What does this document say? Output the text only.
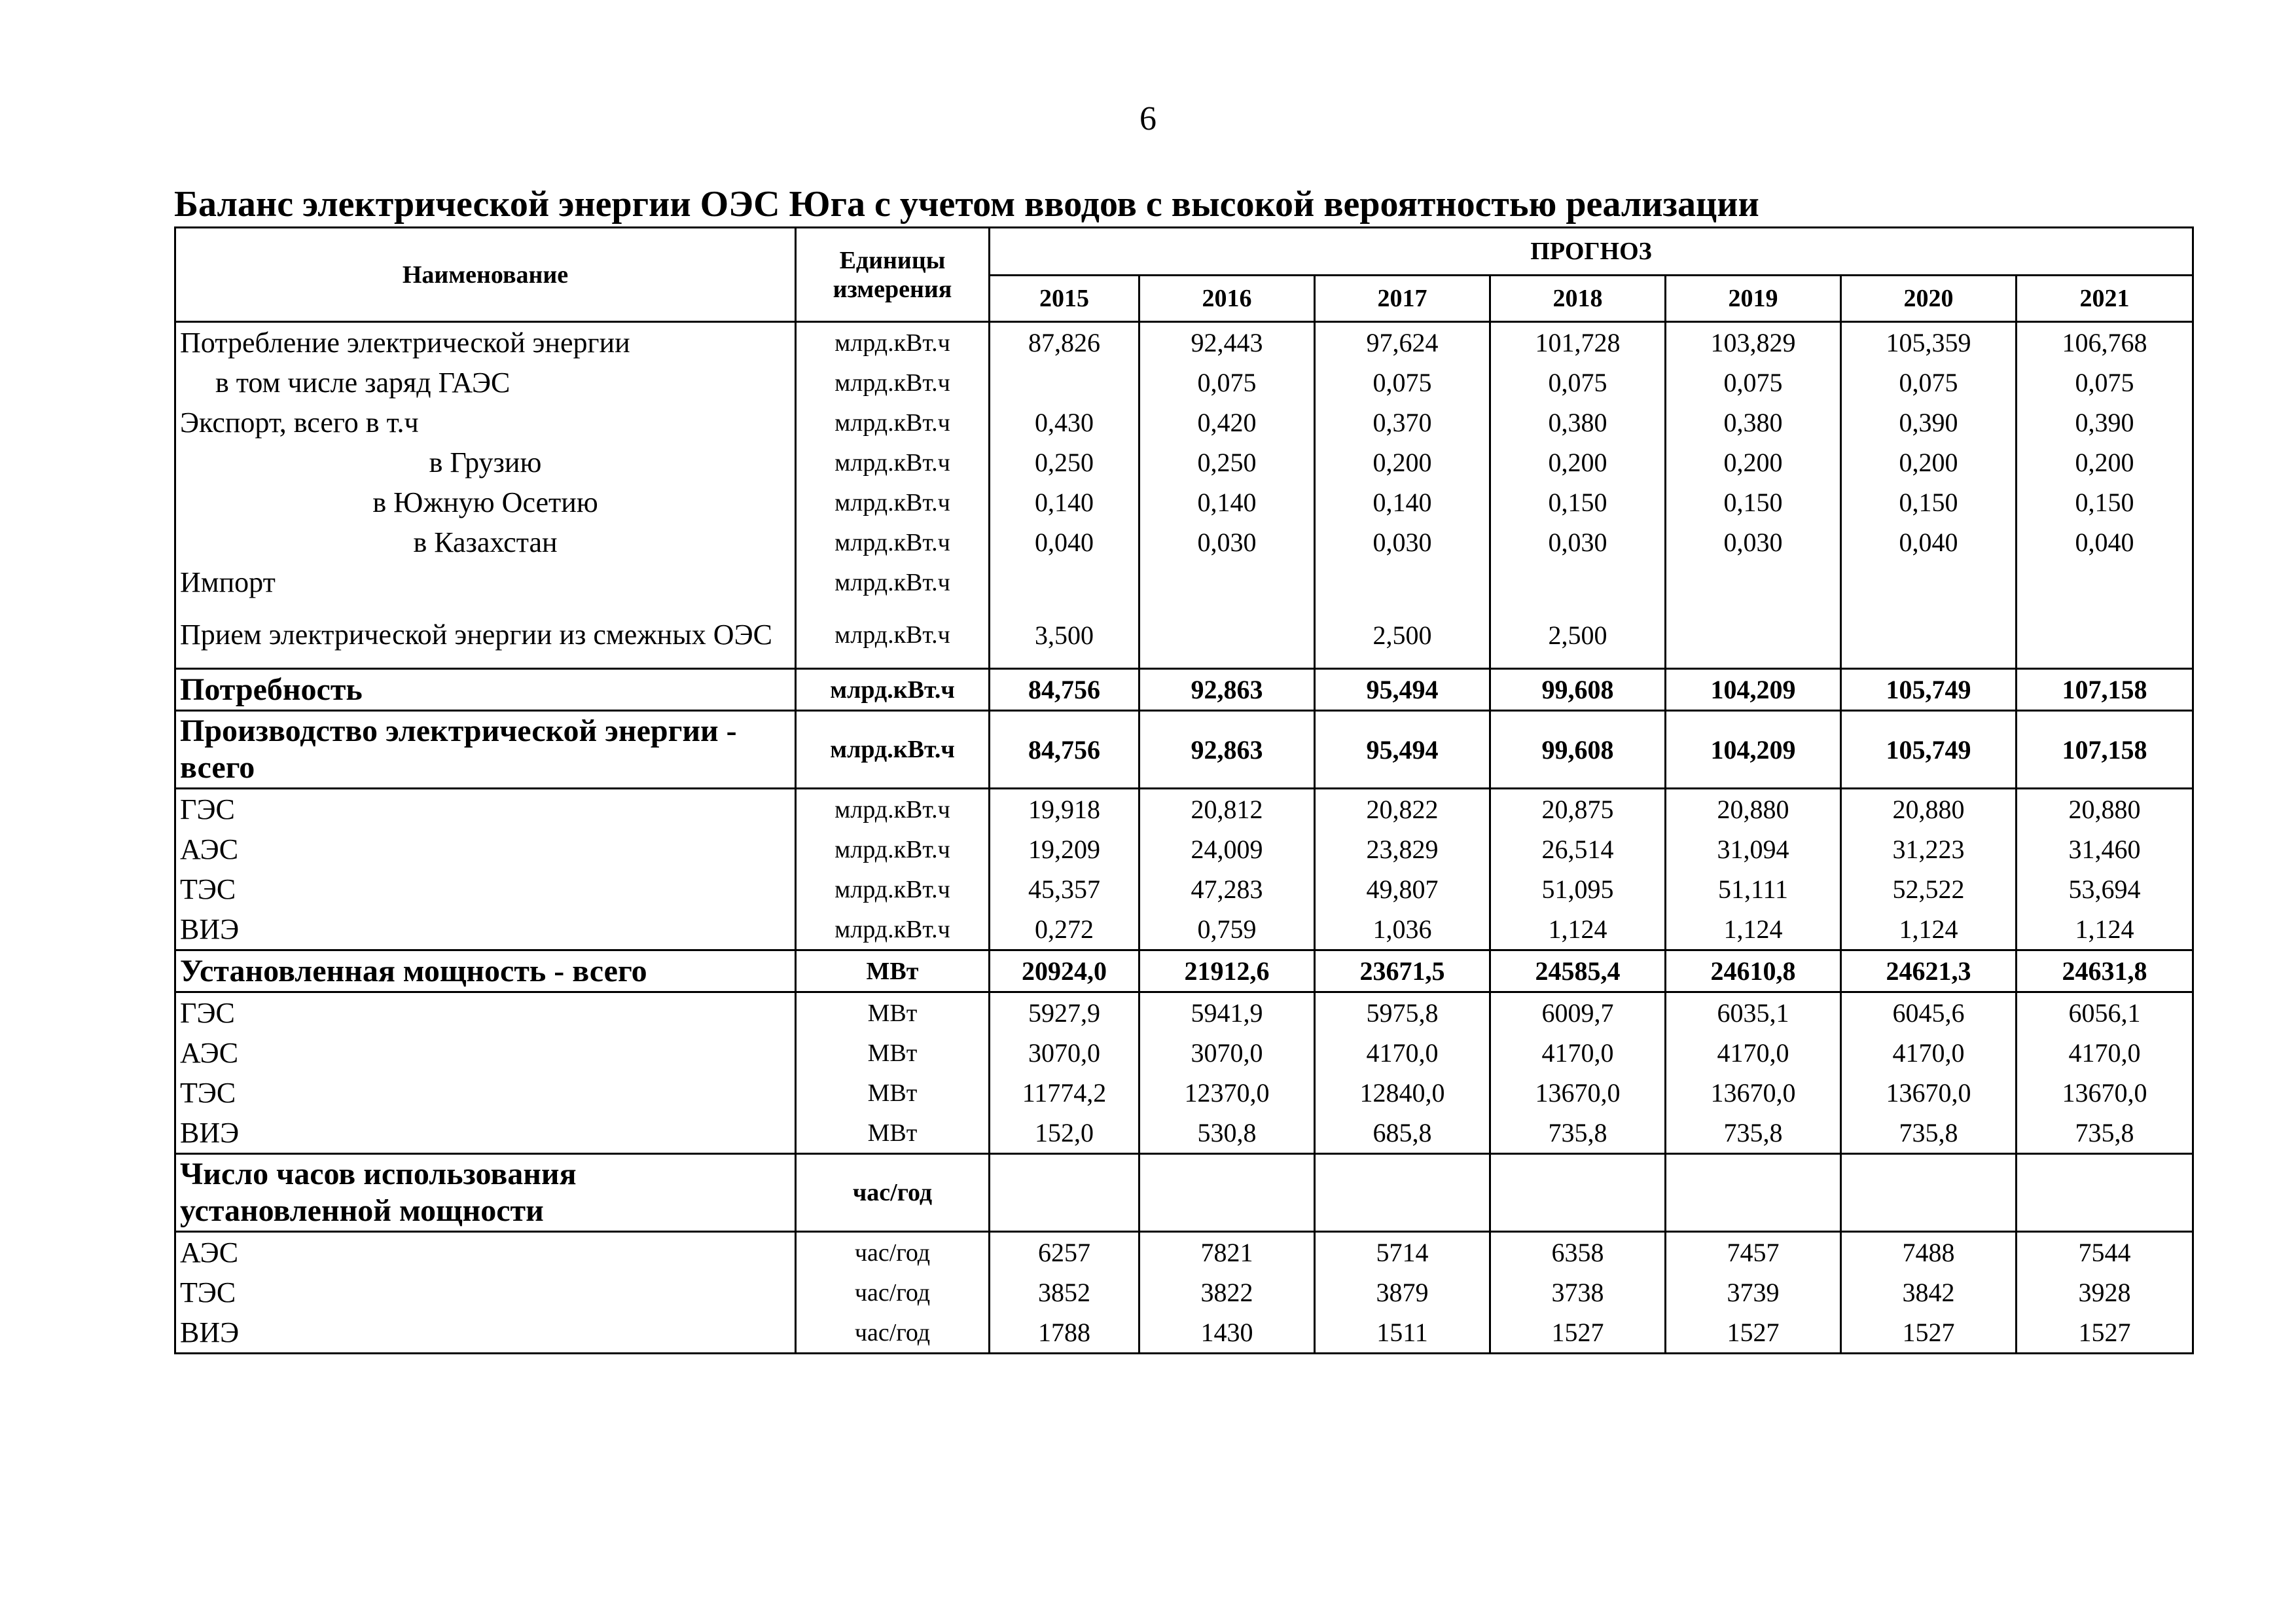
6
Баланс электрической энергии ОЭС Юга с учетом вводов с высокой вероятностью реализации
Наименование	Единицы измерения	ПРОГНОЗ						
		2015	2016	2017	2018	2019	2020	2021
Потребление электрической энергии	млрд.кВт.ч	87,826	92,443	97,624	101,728	103,829	105,359	106,768
в том числе заряд ГАЭС	млрд.кВт.ч		0,075	0,075	0,075	0,075	0,075	0,075
Экспорт, всего в т.ч	млрд.кВт.ч	0,430	0,420	0,370	0,380	0,380	0,390	0,390
в Грузию	млрд.кВт.ч	0,250	0,250	0,200	0,200	0,200	0,200	0,200
в Южную Осетию	млрд.кВт.ч	0,140	0,140	0,140	0,150	0,150	0,150	0,150
в Казахстан	млрд.кВт.ч	0,040	0,030	0,030	0,030	0,030	0,040	0,040
Импорт	млрд.кВт.ч							
Прием электрической энергии из смежных ОЭС	млрд.кВт.ч	3,500		2,500	2,500			
Потребность	млрд.кВт.ч	84,756	92,863	95,494	99,608	104,209	105,749	107,158
Производство электрической энергии - всего	млрд.кВт.ч	84,756	92,863	95,494	99,608	104,209	105,749	107,158
ГЭС	млрд.кВт.ч	19,918	20,812	20,822	20,875	20,880	20,880	20,880
АЭС	млрд.кВт.ч	19,209	24,009	23,829	26,514	31,094	31,223	31,460
ТЭС	млрд.кВт.ч	45,357	47,283	49,807	51,095	51,111	52,522	53,694
ВИЭ	млрд.кВт.ч	0,272	0,759	1,036	1,124	1,124	1,124	1,124
Установленная мощность - всего	МВт	20924,0	21912,6	23671,5	24585,4	24610,8	24621,3	24631,8
ГЭС	МВт	5927,9	5941,9	5975,8	6009,7	6035,1	6045,6	6056,1
АЭС	МВт	3070,0	3070,0	4170,0	4170,0	4170,0	4170,0	4170,0
ТЭС	МВт	11774,2	12370,0	12840,0	13670,0	13670,0	13670,0	13670,0
ВИЭ	МВт	152,0	530,8	685,8	735,8	735,8	735,8	735,8
Число часов использования установленной мощности	час/год							
АЭС	час/год	6257	7821	5714	6358	7457	7488	7544
ТЭС	час/год	3852	3822	3879	3738	3739	3842	3928
ВИЭ	час/год	1788	1430	1511	1527	1527	1527	1527
